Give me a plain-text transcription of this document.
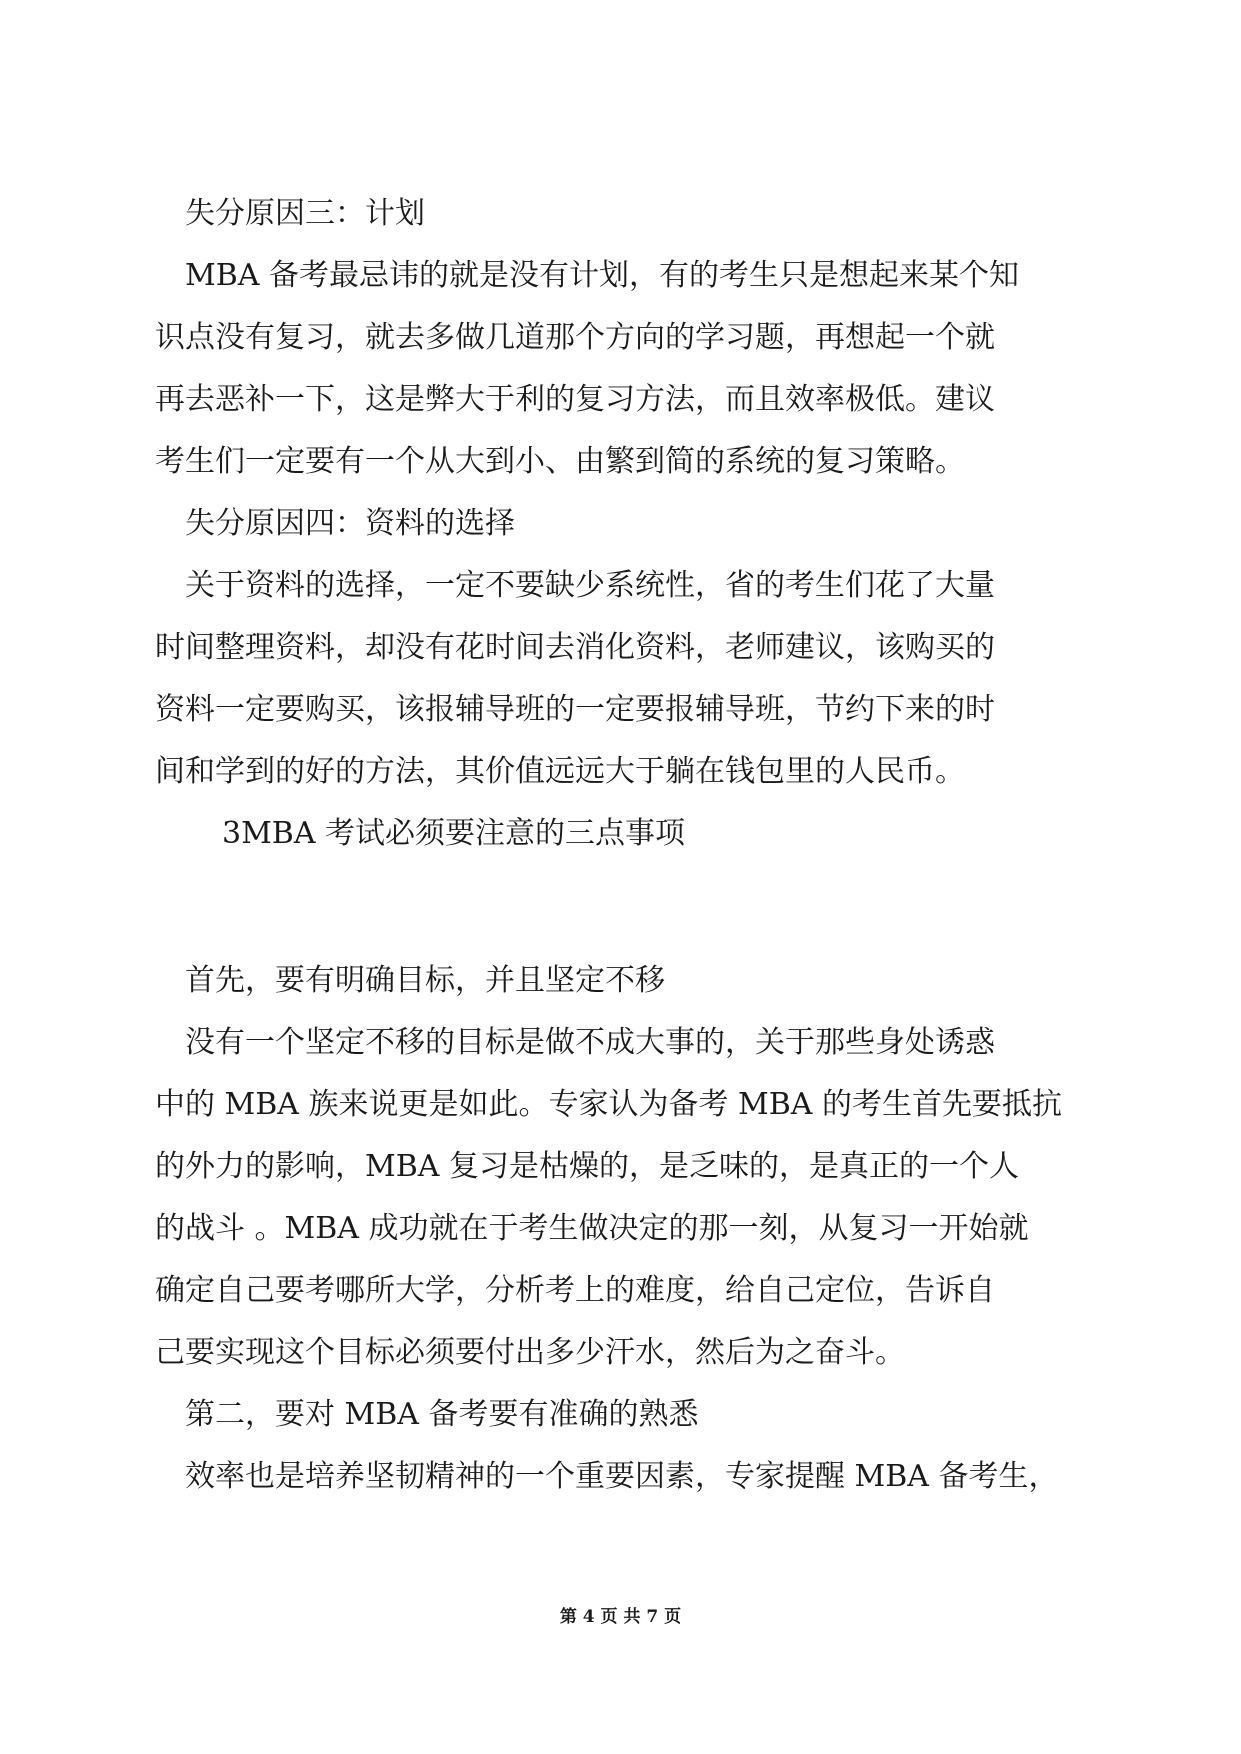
失分原因三：计划
MBA 备考最忌讳的就是没有计划，有的考生只是想起来某个知
识点没有复习，就去多做几道那个方向的学习题，再想起一个就
再去恶补一下，这是弊大于利的复习方法，而且效率极低。建议
考生们一定要有一个从大到小、由繁到简的系统的复习策略。
失分原因四：资料的选择
关于资料的选择，一定不要缺少系统性，省的考生们花了大量
时间整理资料，却没有花时间去消化资料，老师建议，该购买的
资料一定要购买，该报辅导班的一定要报辅导班，节约下来的时
间和学到的好的方法，其价值远远大于躺在钱包里的人民币。
3MBA 考试必须要注意的三点事项
首先，要有明确目标，并且坚定不移
没有一个坚定不移的目标是做不成大事的，关于那些身处诱惑
中的 MBA 族来说更是如此。专家认为备考 MBA 的考生首先要抵抗
的外力的影响，MBA 复习是枯燥的，是乏味的，是真正的一个人
的战斗 。MBA 成功就在于考生做决定的那一刻，从复习一开始就
确定自己要考哪所大学，分析考上的难度，给自己定位，告诉自
己要实现这个目标必须要付出多少汗水，然后为之奋斗。
第二，要对 MBA 备考要有准确的熟悉
效率也是培养坚韧精神的一个重要因素，专家提醒 MBA 备考生，
第 4 页 共 7 页
